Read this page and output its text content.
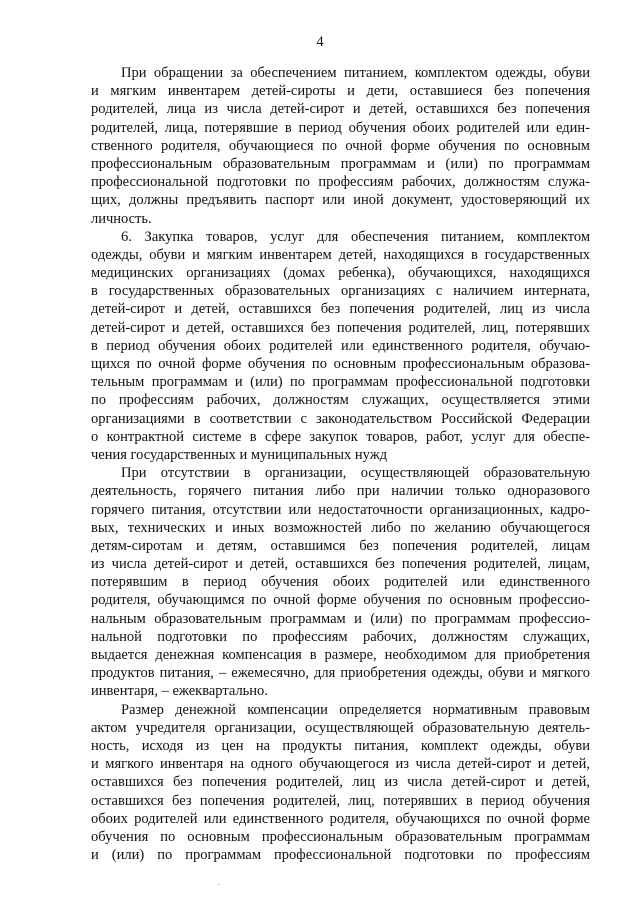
4
При обращении за обеспечением питанием, комплектом одежды, обуви
и мягким инвентарем детей-сироты и дети, оставшиеся без попечения
родителей, лица из числа детей-сирот и детей, оставшихся без попечения
родителей, лица, потерявшие в период обучения обоих родителей или един-
ственного родителя, обучающиеся по очной форме обучения по основным
профессиональным образовательным программам и (или) по программам
профессиональной подготовки по профессиям рабочих, должностям служа-
щих, должны предъявить паспорт или иной документ, удостоверяющий их
личность.
6. Закупка товаров, услуг для обеспечения питанием, комплектом
одежды, обуви и мягким инвентарем детей, находящихся в государственных
медицинских организациях (домах ребенка), обучающихся, находящихся
в государственных образовательных организациях с наличием интерната,
детей-сирот и детей, оставшихся без попечения родителей, лиц из числа
детей-сирот и детей, оставшихся без попечения родителей, лиц, потерявших
в период обучения обоих родителей или единственного родителя, обучаю-
щихся по очной форме обучения по основным профессиональным образова-
тельным программам и (или) по программам профессиональной подготовки
по профессиям рабочих, должностям служащих, осуществляется этими
организациями в соответствии с законодательством Российской Федерации
о контрактной системе в сфере закупок товаров, работ, услуг для обеспе-
чения государственных и муниципальных нужд
При отсутствии в организации, осуществляющей образовательную
деятельность, горячего питания либо при наличии только одноразового
горячего питания, отсутствии или недостаточности организационных, кадро-
вых, технических и иных возможностей либо по желанию обучающегося
детям-сиротам и детям, оставшимся без попечения родителей, лицам
из числа детей-сирот и детей, оставшихся без попечения родителей, лицам,
потерявшим в период обучения обоих родителей или единственного
родителя, обучающимся по очной форме обучения по основным профессио-
нальным образовательным программам и (или) по программам профессио-
нальной подготовки по профессиям рабочих, должностям служащих,
выдается денежная компенсация в размере, необходимом для приобретения
продуктов питания, – ежемесячно, для приобретения одежды, обуви и мягкого
инвентаря, – ежеквартально.
Размер денежной компенсации определяется нормативным правовым
актом учредителя организации, осуществляющей образовательную деятель-
ность, исходя из цен на продукты питания, комплект одежды, обуви
и мягкого инвентаря на одного обучающегося из числа детей-сирот и детей,
оставшихся без попечения родителей, лиц из числа детей-сирот и детей,
оставшихся без попечения родителей, лиц, потерявших в период обучения
обоих родителей или единственного родителя, обучающихся по очной форме
обучения по основным профессиональным образовательным программам
и (или) по программам профессиональной подготовки по профессиям
